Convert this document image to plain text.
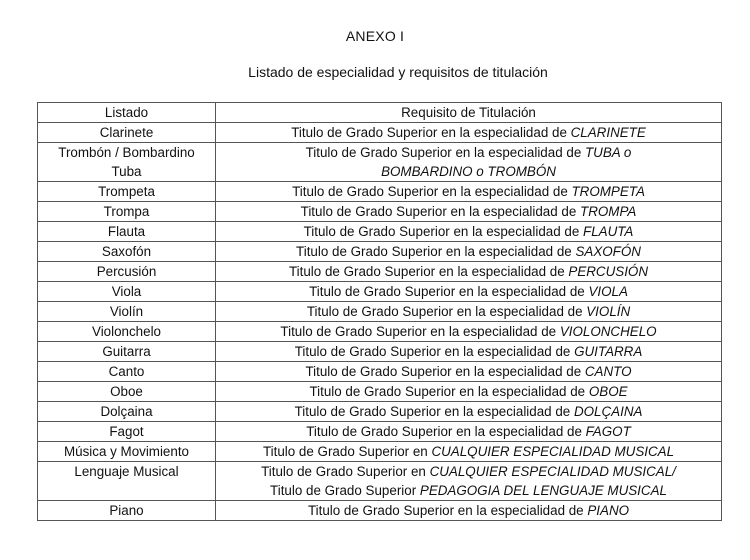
ANEXO I
Listado de especialidad y requisitos de titulación
Listado	Requisito de Titulación
Clarinete	Titulo de Grado Superior en la especialidad de CLARINETE
Trombón / Bombardino
Tuba	Titulo de Grado Superior en la especialidad de TUBA o
BOMBARDINO o TROMBÓN
Trompeta	Titulo de Grado Superior en la especialidad de TROMPETA
Trompa	Titulo de Grado Superior en la especialidad de TROMPA
Flauta	Titulo de Grado Superior en la especialidad de FLAUTA
Saxofón	Titulo de Grado Superior en la especialidad de SAXOFÓN
Percusión	Titulo de Grado Superior en la especialidad de PERCUSIÓN
Viola	Titulo de Grado Superior en la especialidad de VIOLA
Violín	Titulo de Grado Superior en la especialidad de VIOLÍN
Violonchelo	Titulo de Grado Superior en la especialidad de VIOLONCHELO
Guitarra	Titulo de Grado Superior en la especialidad de GUITARRA
Canto	Titulo de Grado Superior en la especialidad de CANTO
Oboe	Titulo de Grado Superior en la especialidad de OBOE
Dolçaina	Titulo de Grado Superior en la especialidad de DOLÇAINA
Fagot	Titulo de Grado Superior en la especialidad de FAGOT
Música y Movimiento	Titulo de Grado Superior en CUALQUIER ESPECIALIDAD MUSICAL
Lenguaje Musical	Titulo de Grado Superior en CUALQUIER ESPECIALIDAD MUSICAL/
Titulo de Grado Superior PEDAGOGIA DEL LENGUAJE MUSICAL
Piano	Titulo de Grado Superior en la especialidad de PIANO
